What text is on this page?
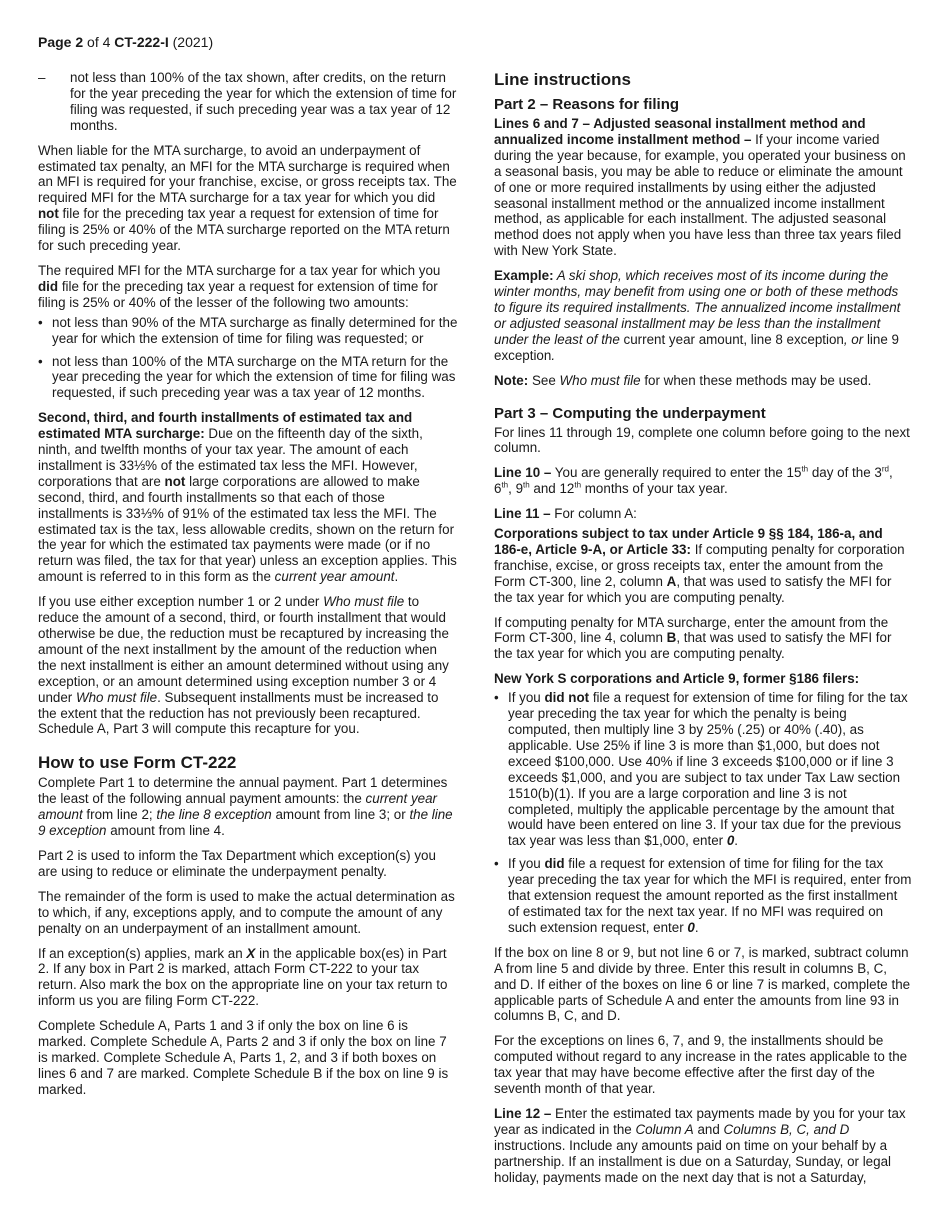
Page 2 of 4 CT-222-I (2021)

– not less than 100% of the tax shown, after credits, on the return for the year preceding the year for which the extension of time for filing was requested, if such preceding year was a tax year of 12 months.

When liable for the MTA surcharge, to avoid an underpayment of estimated tax penalty, an MFI for the MTA surcharge is required when an MFI is required for your franchise, excise, or gross receipts tax. The required MFI for the MTA surcharge for a tax year for which you did not file for the preceding tax year a request for extension of time for filing is 25% or 40% of the MTA surcharge reported on the MTA return for such preceding year.

The required MFI for the MTA surcharge for a tax year for which you did file for the preceding tax year a request for extension of time for filing is 25% or 40% of the lesser of the following two amounts:

• not less than 90% of the MTA surcharge as finally determined for the year for which the extension of time for filing was requested; or

• not less than 100% of the MTA surcharge on the MTA return for the year preceding the year for which the extension of time for filing was requested, if such preceding year was a tax year of 12 months.

Second, third, and fourth installments of estimated tax and estimated MTA surcharge: Due on the fifteenth day of the sixth, ninth, and twelfth months of your tax year. The amount of each installment is 33⅓% of the estimated tax less the MFI. However, corporations that are not large corporations are allowed to make second, third, and fourth installments so that each of those installments is 33⅓% of 91% of the estimated tax less the MFI. The estimated tax is the tax, less allowable credits, shown on the return for the year for which the estimated tax payments were made (or if no return was filed, the tax for that year) unless an exception applies. This amount is referred to in this form as the current year amount.

If you use either exception number 1 or 2 under Who must file to reduce the amount of a second, third, or fourth installment that would otherwise be due, the reduction must be recaptured by increasing the amount of the next installment by the amount of the reduction when the next installment is either an amount determined without using any exception, or an amount determined using exception number 3 or 4 under Who must file. Subsequent installments must be increased to the extent that the reduction has not previously been recaptured. Schedule A, Part 3 will compute this recapture for you.

How to use Form CT-222

Complete Part 1 to determine the annual payment. Part 1 determines the least of the following annual payment amounts: the current year amount from line 2; the line 8 exception amount from line 3; or the line 9 exception amount from line 4.

Part 2 is used to inform the Tax Department which exception(s) you are using to reduce or eliminate the underpayment penalty.

The remainder of the form is used to make the actual determination as to which, if any, exceptions apply, and to compute the amount of any penalty on an underpayment of an installment amount.

If an exception(s) applies, mark an X in the applicable box(es) in Part 2. If any box in Part 2 is marked, attach Form CT-222 to your tax return. Also mark the box on the appropriate line on your tax return to inform us you are filing Form CT-222.

Complete Schedule A, Parts 1 and 3 if only the box on line 6 is marked. Complete Schedule A, Parts 2 and 3 if only the box on line 7 is marked. Complete Schedule A, Parts 1, 2, and 3 if both boxes on lines 6 and 7 are marked. Complete Schedule B if the box on line 9 is marked.

Line instructions
Part 2 – Reasons for filing

Lines 6 and 7 – Adjusted seasonal installment method and annualized income installment method – If your income varied during the year because, for example, you operated your business on a seasonal basis, you may be able to reduce or eliminate the amount of one or more required installments by using either the adjusted seasonal installment method or the annualized income installment method, as applicable for each installment. The adjusted seasonal method does not apply when you have less than three tax years filed with New York State.

Example: A ski shop, which receives most of its income during the winter months, may benefit from using one or both of these methods to figure its required installments. The annualized income installment or adjusted seasonal installment may be less than the installment under the least of the current year amount, line 8 exception, or line 9 exception.

Note: See Who must file for when these methods may be used.

Part 3 – Computing the underpayment

For lines 11 through 19, complete one column before going to the next column.

Line 10 – You are generally required to enter the 15th day of the 3rd, 6th, 9th and 12th months of your tax year.

Line 11 – For column A:

Corporations subject to tax under Article 9 §§ 184, 186-a, and 186-e, Article 9-A, or Article 33: If computing penalty for corporation franchise, excise, or gross receipts tax, enter the amount from the Form CT-300, line 2, column A, that was used to satisfy the MFI for the tax year for which you are computing penalty.

If computing penalty for MTA surcharge, enter the amount from the Form CT-300, line 4, column B, that was used to satisfy the MFI for the tax year for which you are computing penalty.

New York S corporations and Article 9, former §186 filers:

• If you did not file a request for extension of time for filing for the tax year preceding the tax year for which the penalty is being computed, then multiply line 3 by 25% (.25) or 40% (.40), as applicable. Use 25% if line 3 is more than $1,000, but does not exceed $100,000. Use 40% if line 3 exceeds $100,000 or if line 3 exceeds $1,000, and you are subject to tax under Tax Law section 1510(b)(1). If you are a large corporation and line 3 is not completed, multiply the applicable percentage by the amount that would have been entered on line 3. If your tax due for the previous tax year was less than $1,000, enter 0.

• If you did file a request for extension of time for filing for the tax year preceding the tax year for which the MFI is required, enter from that extension request the amount reported as the first installment of estimated tax for the next tax year. If no MFI was required on such extension request, enter 0.

If the box on line 8 or 9, but not line 6 or 7, is marked, subtract column A from line 5 and divide by three. Enter this result in columns B, C, and D. If either of the boxes on line 6 or line 7 is marked, complete the applicable parts of Schedule A and enter the amounts from line 93 in columns B, C, and D.

For the exceptions on lines 6, 7, and 9, the installments should be computed without regard to any increase in the rates applicable to the tax year that may have become effective after the first day of the seventh month of that year.

Line 12 – Enter the estimated tax payments made by you for your tax year as indicated in the Column A and Columns B, C, and D instructions. Include any amounts paid on time on your behalf by a partnership. If an installment is due on a Saturday, Sunday, or legal holiday, payments made on the next day that is not a Saturday,
